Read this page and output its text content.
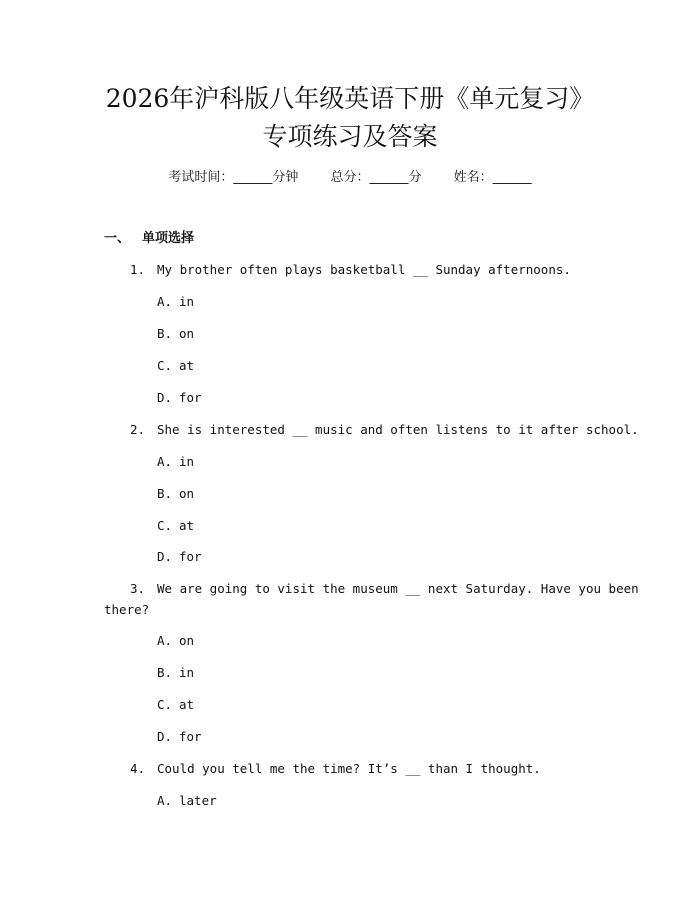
2026年沪科版八年级英语下册《单元复习》
专项练习及答案
考试时间：______分钟 总分：______分 姓名：______
一、 单项选择
1. My brother often plays basketball __ Sunday afternoons.
A. in
B. on
C. at
D. for
2. She is interested __ music and often listens to it after school.
A. in
B. on
C. at
D. for
3. We are going to visit the museum __ next Saturday. Have you been
there?
A. on
B. in
C. at
D. for
4. Could you tell me the time? It’s __ than I thought.
A. later
